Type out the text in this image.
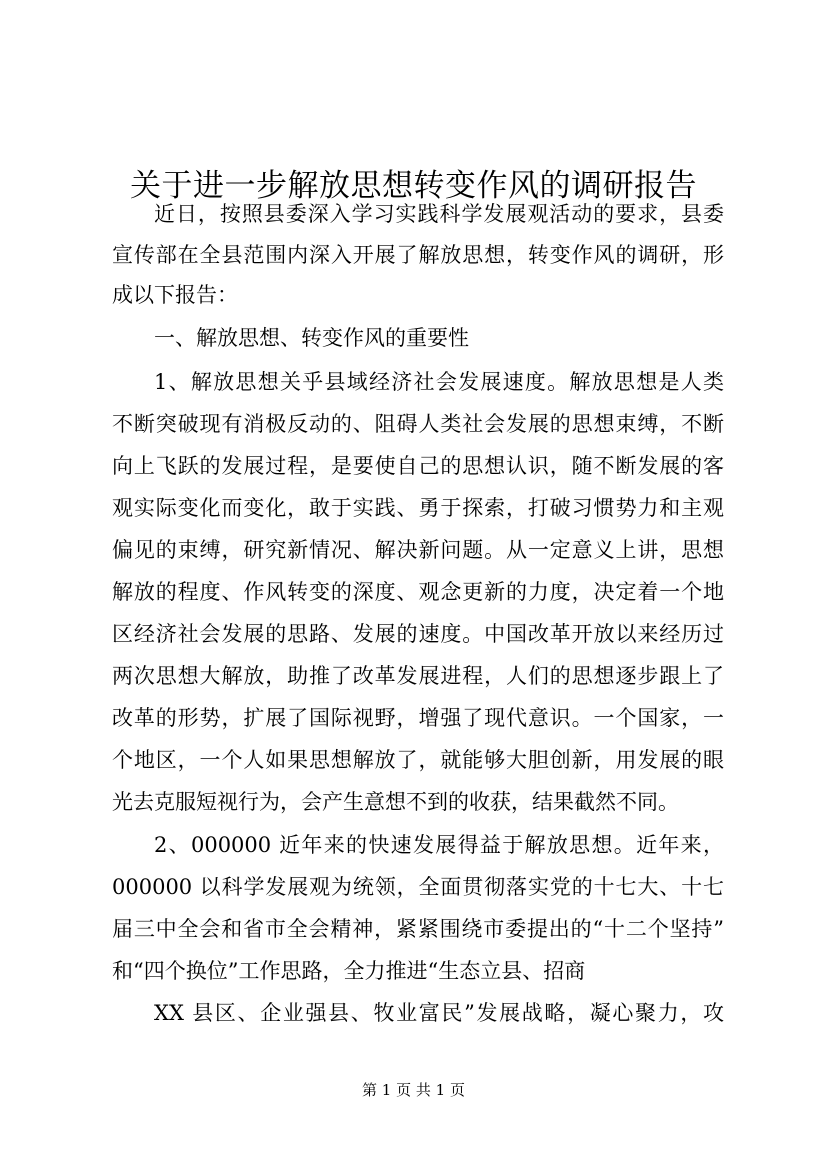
关于进一步解放思想转变作风的调研报告
近日，按照县委深入学习实践科学发展观活动的要求，县委
宣传部在全县范围内深入开展了解放思想，转变作风的调研，形
成以下报告：
一、解放思想、转变作风的重要性
1、解放思想关乎县域经济社会发展速度。解放思想是人类
不断突破现有消极反动的、阻碍人类社会发展的思想束缚，不断
向上飞跃的发展过程，是要使自己的思想认识，随不断发展的客
观实际变化而变化，敢于实践、勇于探索，打破习惯势力和主观
偏见的束缚，研究新情况、解决新问题。从一定意义上讲，思想
解放的程度、作风转变的深度、观念更新的力度，决定着一个地
区经济社会发展的思路、发展的速度。中国改革开放以来经历过
两次思想大解放，助推了改革发展进程，人们的思想逐步跟上了
改革的形势，扩展了国际视野，增强了现代意识。一个国家，一
个地区，一个人如果思想解放了，就能够大胆创新，用发展的眼
光去克服短视行为，会产生意想不到的收获，结果截然不同。
2、000000 近年来的快速发展得益于解放思想。近年来，
000000 以科学发展观为统领，全面贯彻落实党的十七大、十七
届三中全会和省市全会精神，紧紧围绕市委提出的“十二个坚持”
和“四个换位”工作思路，全力推进“生态立县、招商
XX 县区、企业强县、牧业富民”发展战略，凝心聚力，攻
第 1 页 共 1 页
